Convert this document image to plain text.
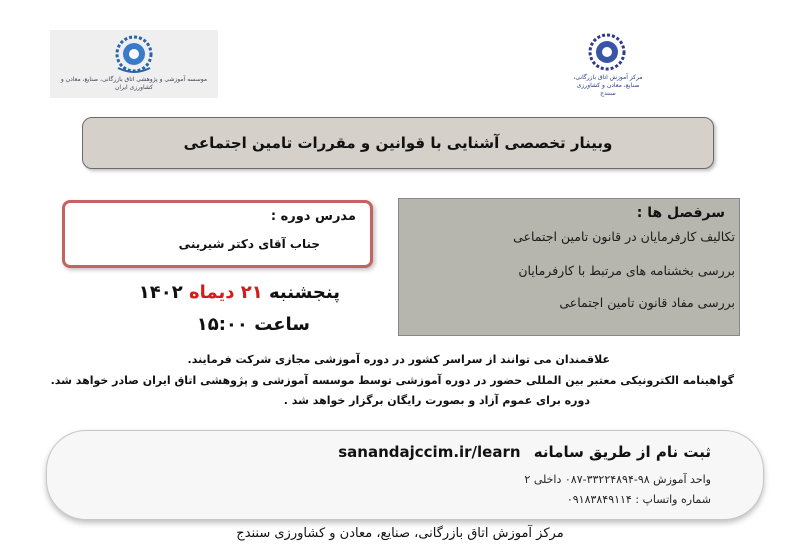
موسسه آموزشی و پژوهشی اتاق بازرگانی، صنایع، معادن و کشاورزی ایران
مرکز آموزش اتاق بازرگانی، صنایع، معادن و کشاورزی سنندج
وبینار تخصصی آشنایی با قوانین و مقررات تامین اجتماعی
مدرس دوره :
جناب آقای دکتر شیرینی
پنجشنبه ۲۱ دیماه ۱۴۰۲
ساعت ۱۵:۰۰
سرفصل ها :
تکالیف کارفرمایان در قانون تامین اجتماعی
بررسی بخشنامه های مرتبط با کارفرمایان
بررسی مفاد قانون تامین اجتماعی
علاقمندان می توانند از سراسر کشور در دوره آموزشی مجازی شرکت فرمایند.
گواهینامه الکترونیکی معتبر بین المللی حضور در دوره آموزشی توسط موسسه آموزشی و پژوهشی اتاق ایران صادر خواهد شد.
دوره برای عموم آزاد و بصورت رایگان برگزار خواهد شد .
ثبت نام از طریق سامانه sanandajccim.ir/learn
واحد آموزش ۹۸-۳۳۲۲۴۸۹۴-۰۸۷ داخلی ۲
شماره واتساپ : ۰۹۱۸۳۸۴۹۱۱۴
مرکز آموزش اتاق بازرگانی، صنایع، معادن و کشاورزی سنندج
